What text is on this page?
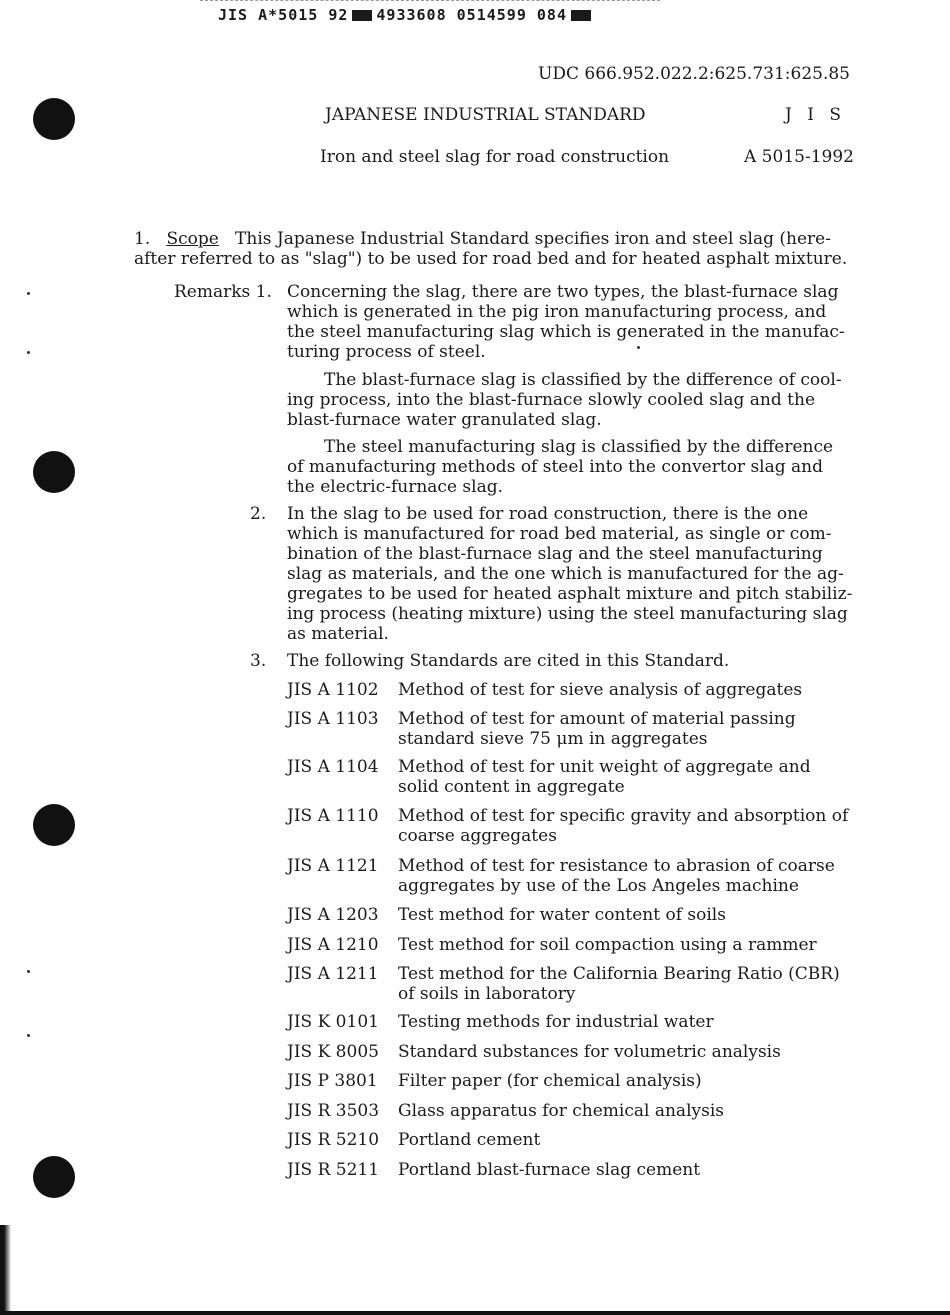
JIS A*5015 92 4933608 0514599 084
UDC 666.952.022.2:625.731:625.85
JAPANESE INDUSTRIAL STANDARD	J I S
Iron and steel slag for road construction	A 5015-1992
1. Scope This Japanese Industrial Standard specifies iron and steel slag (here-
after referred to as "slag") to be used for road bed and for heated asphalt mixture.
Remarks 1. Concerning the slag, there are two types, the blast-furnace slag
which is generated in the pig iron manufacturing process, and
the steel manufacturing slag which is generated in the manufac-
turing process of steel.
The blast-furnace slag is classified by the difference of cool-
ing process, into the blast-furnace slowly cooled slag and the
blast-furnace water granulated slag.
The steel manufacturing slag is classified by the difference
of manufacturing methods of steel into the convertor slag and
the electric-furnace slag.
2. In the slag to be used for road construction, there is the one
which is manufactured for road bed material, as single or com-
bination of the blast-furnace slag and the steel manufacturing
slag as materials, and the one which is manufactured for the ag-
gregates to be used for heated asphalt mixture and pitch stabiliz-
ing process (heating mixture) using the steel manufacturing slag
as material.
3. The following Standards are cited in this Standard.
JIS A 1102 Method of test for sieve analysis of aggregates
JIS A 1103 Method of test for amount of material passing
standard sieve 75 μm in aggregates
JIS A 1104 Method of test for unit weight of aggregate and
solid content in aggregate
JIS A 1110 Method of test for specific gravity and absorption of
coarse aggregates
JIS A 1121 Method of test for resistance to abrasion of coarse
aggregates by use of the Los Angeles machine
JIS A 1203 Test method for water content of soils
JIS A 1210 Test method for soil compaction using a rammer
JIS A 1211 Test method for the California Bearing Ratio (CBR)
of soils in laboratory
JIS K 0101 Testing methods for industrial water
JIS K 8005 Standard substances for volumetric analysis
JIS P 3801 Filter paper (for chemical analysis)
JIS R 3503 Glass apparatus for chemical analysis
JIS R 5210 Portland cement
JIS R 5211 Portland blast-furnace slag cement
